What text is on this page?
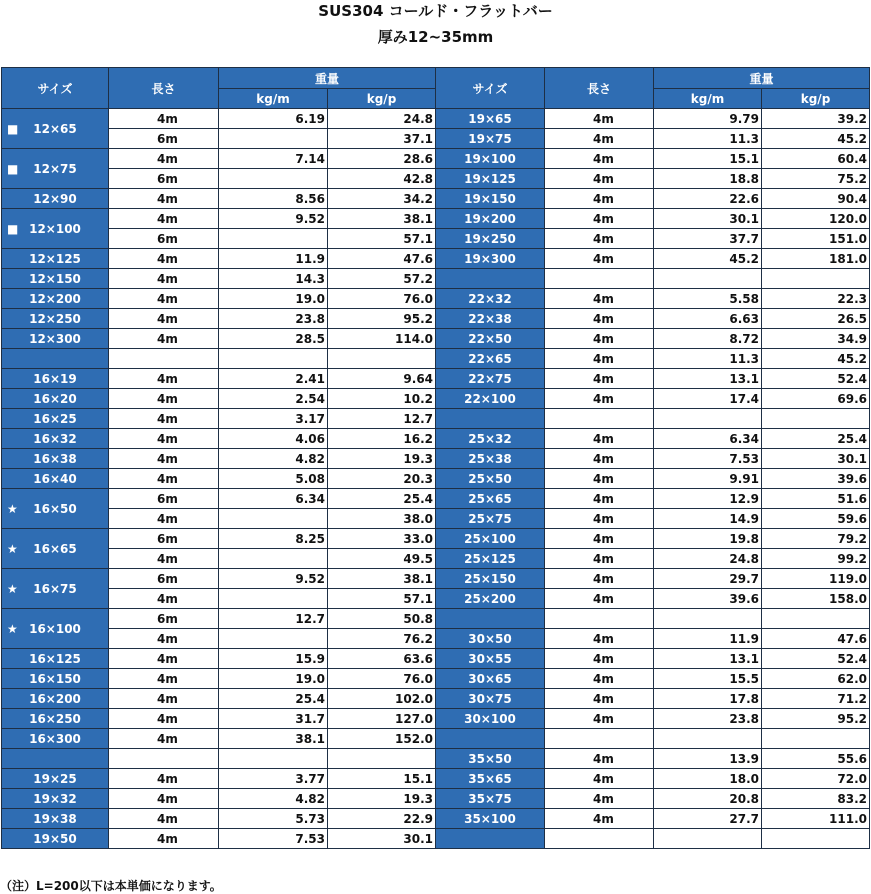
SUS304 コールド・フラットバー
厚み12~35mm
サイズ	長さ	重量	
		kg/m	kg/p

■ 12×65	4m	6.19	24.8
	6m		37.1

■ 12×75	4m	7.14	28.6
	6m		42.8
12×90	4m	8.56	34.2

■ 12×100	4m	9.52	38.1
	6m		57.1
12×125	4m	11.9	47.6
12×150	4m	14.3	57.2
12×200	4m	19.0	76.0
12×250	4m	23.8	95.2
12×300	4m	28.5	114.0

16×19	4m	2.41	9.64
16×20	4m	2.54	10.2
16×25	4m	3.17	12.7
16×32	4m	4.06	16.2
16×38	4m	4.82	19.3
16×40	4m	5.08	20.3

★ 16×50	6m	6.34	25.4
	4m		38.0

★ 16×65	6m	8.25	33.0
	4m		49.5

★ 16×75	6m	9.52	38.1
	4m		57.1

★ 16×100	6m	12.7	50.8
	4m		76.2
16×125	4m	15.9	63.6
16×150	4m	19.0	76.0
16×200	4m	25.4	102.0
16×250	4m	31.7	127.0
16×300	4m	38.1	152.0

19×25	4m	3.77	15.1
19×32	4m	4.82	19.3
19×38	4m	5.73	22.9
19×50	4m	7.53	30.1
サイズ	長さ	重量	
		kg/m	kg/p
19×65	4m	9.79	39.2
19×75	4m	11.3	45.2
19×100	4m	15.1	60.4
19×125	4m	18.8	75.2
19×150	4m	22.6	90.4
19×200	4m	30.1	120.0
19×250	4m	37.7	151.0
19×300	4m	45.2	181.0

22×32	4m	5.58	22.3
22×38	4m	6.63	26.5
22×50	4m	8.72	34.9
22×65	4m	11.3	45.2
22×75	4m	13.1	52.4
22×100	4m	17.4	69.6

25×32	4m	6.34	25.4
25×38	4m	7.53	30.1
25×50	4m	9.91	39.6
25×65	4m	12.9	51.6
25×75	4m	14.9	59.6
25×100	4m	19.8	79.2
25×125	4m	24.8	99.2
25×150	4m	29.7	119.0
25×200	4m	39.6	158.0

30×50	4m	11.9	47.6
30×55	4m	13.1	52.4
30×65	4m	15.5	62.0
30×75	4m	17.8	71.2
30×100	4m	23.8	95.2

35×50	4m	13.9	55.6
35×65	4m	18.0	72.0
35×75	4m	20.8	83.2
35×100	4m	27.7	111.0

（注）L=200以下は本単価になります。
